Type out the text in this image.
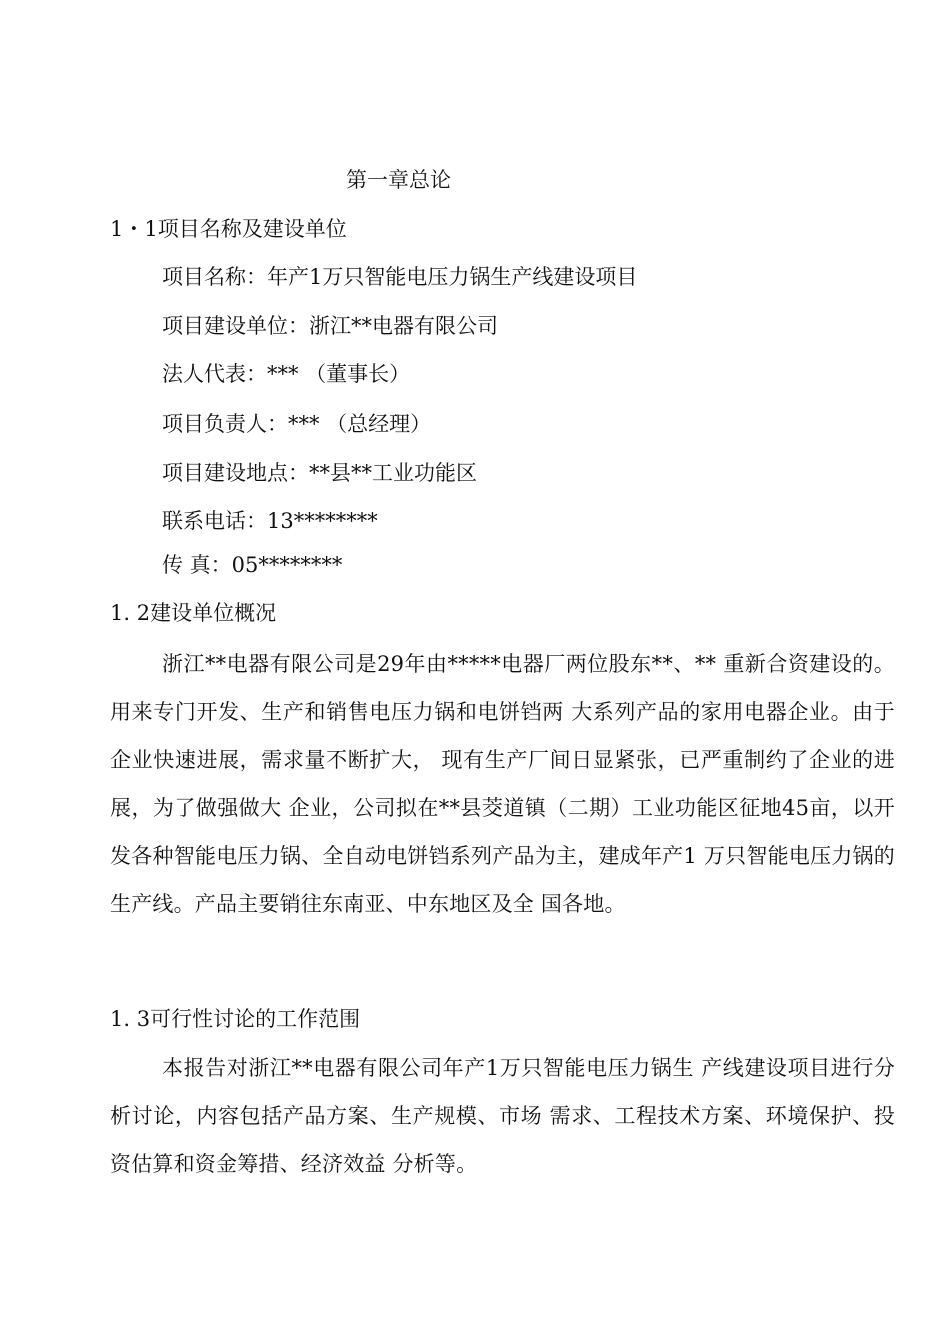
第一章总论
1・1项目名称及建设单位
项目名称：年产1万只智能电压力锅生产线建设项目
项目建设单位：浙江**电器有限公司
法人代表：*** （董事长）
项目负责人：*** （总经理）
项目建设地点：**县**工业功能区
联系电话：13********
传 真：05********
1. 2建设单位概况
浙江**电器有限公司是29年由*****电器厂两位股东**、** 重新合资建设的。用来专门开发、生产和销售电压力锅和电饼铛两 大系列产品的家用电器企业。由于企业快速进展，需求量不断扩大， 现有生产厂间日显紧张，已严重制约了企业的进展，为了做强做大 企业，公司拟在**县茭道镇（二期）工业功能区征地45亩，以开 发各种智能电压力锅、全自动电饼铛系列产品为主，建成年产1 万只智能电压力锅的生产线。产品主要销往东南亚、中东地区及全 国各地。
1. 3可行性讨论的工作范围
本报告对浙江**电器有限公司年产1万只智能电压力锅生 产线建设项目进行分析讨论，内容包括产品方案、生产规模、市场 需求、工程技术方案、环境保护、投资估算和资金筹措、经济效益 分析等。
